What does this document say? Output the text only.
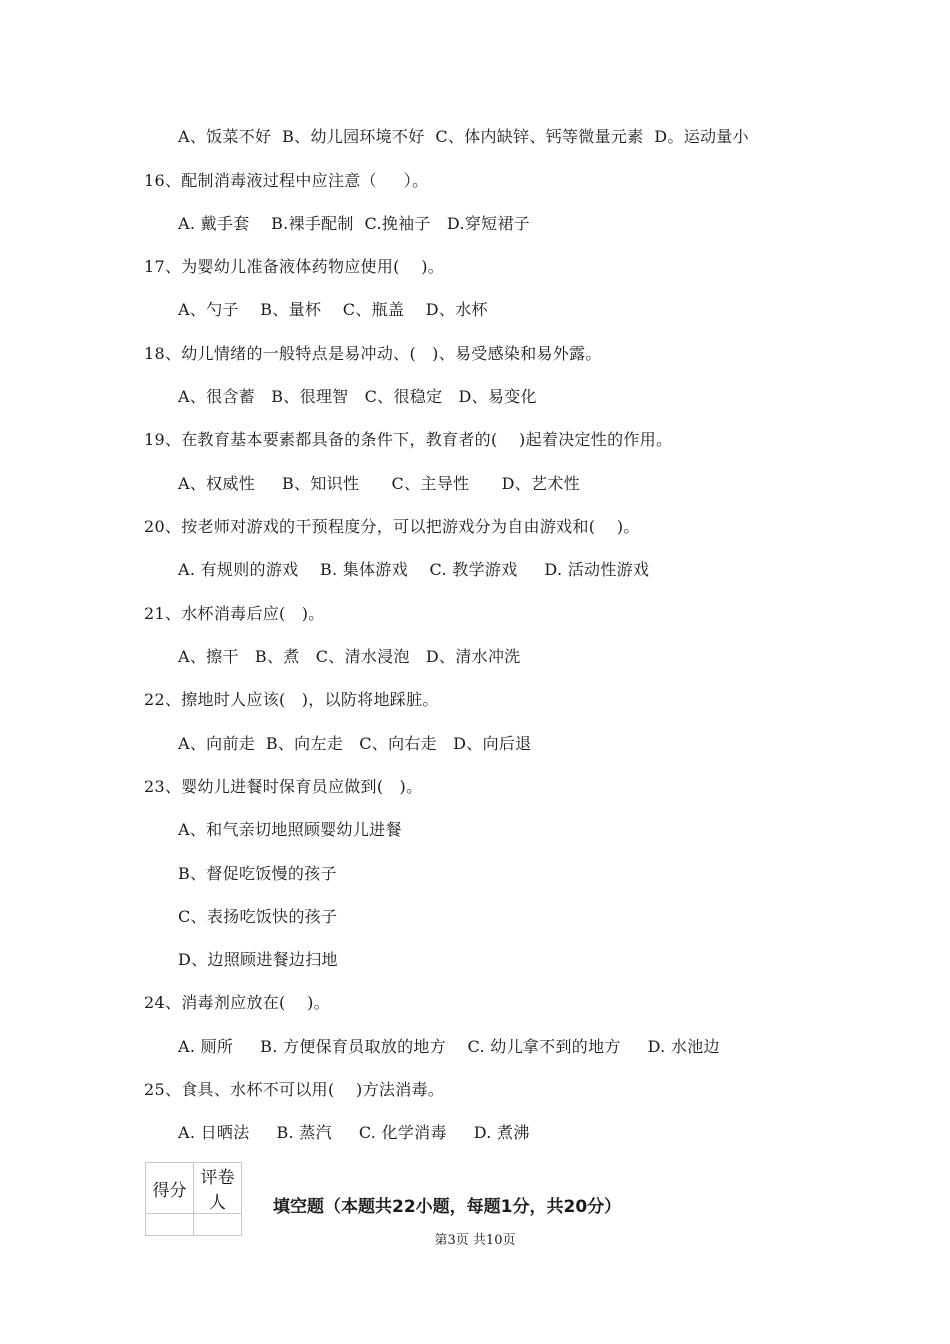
A、饭菜不好  B、幼儿园环境不好  C、体内缺锌、钙等微量元素  D。运动量小
16、配制消毒液过程中应注意（     ）。
A. 戴手套    B.裸手配制  C.挽袖子   D.穿短裙子
17、为婴幼儿准备液体药物应使用(    )。
A、勺子    B、量杯    C、瓶盖    D、水杯
18、幼儿情绪的一般特点是易冲动、(   )、易受感染和易外露。
A、很含蓄   B、很理智   C、很稳定   D、易变化
19、在教育基本要素都具备的条件下，教育者的(    )起着决定性的作用。
A、权威性     B、知识性      C、主导性      D、艺术性
20、按老师对游戏的干预程度分，可以把游戏分为自由游戏和(    )。
A. 有规则的游戏    B. 集体游戏    C. 教学游戏     D. 活动性游戏
21、水杯消毒后应(   )。
A、擦干   B、煮   C、清水浸泡   D、清水冲洗
22、擦地时人应该(   )，以防将地踩脏。
A、向前走  B、向左走   C、向右走   D、向后退
23、婴幼儿进餐时保育员应做到(   )。
A、和气亲切地照顾婴幼儿进餐
B、督促吃饭慢的孩子
C、表扬吃饭快的孩子
D、边照顾进餐边扫地
24、消毒剂应放在(    )。
A. 厕所     B. 方便保育员取放的地方    C. 幼儿拿不到的地方     D. 水池边
25、食具、水杯不可以用(    )方法消毒。
A. 日晒法     B. 蒸汽     C. 化学消毒     D. 煮沸
得分	评卷人
		填空题（本题共22小题，每题1分，共20分）
第3页 共10页
